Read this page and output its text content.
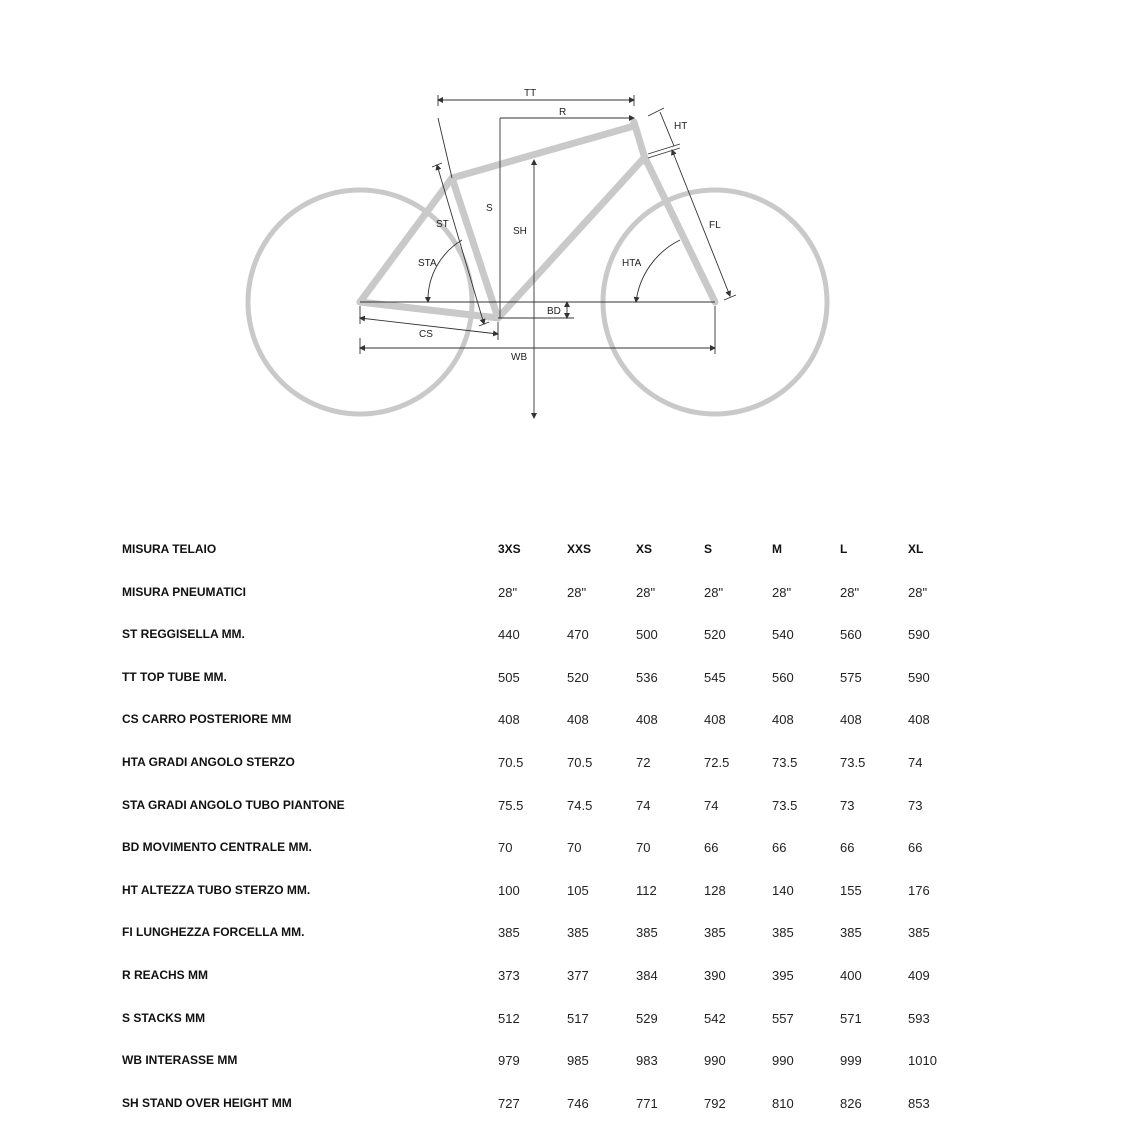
TT
R
HT
ST
S
SH
FL
STA	HTA
BD
CS
WB
MISURA TELAIO	3XS	XXS	XS	S	M	L	XL
MISURA PNEUMATICI	28"	28"	28"	28"	28"	28"	28"
ST REGGISELLA MM.	440	470	500	520	540	560	590
TT TOP TUBE MM.	505	520	536	545	560	575	590
CS CARRO POSTERIORE MM	408	408	408	408	408	408	408
HTA GRADI ANGOLO STERZO	70.5	70.5	72	72.5	73.5	73.5	74
STA GRADI ANGOLO TUBO PIANTONE	75.5	74.5	74	74	73.5	73	73
BD MOVIMENTO CENTRALE MM.	70	70	70	66	66	66	66
HT ALTEZZA TUBO STERZO MM.	100	105	112	128	140	155	176
FI LUNGHEZZA FORCELLA MM.	385	385	385	385	385	385	385
R REACHS MM	373	377	384	390	395	400	409
S STACKS MM	512	517	529	542	557	571	593
WB INTERASSE MM	979	985	983	990	990	999	1010
SH STAND OVER HEIGHT MM	727	746	771	792	810	826	853
